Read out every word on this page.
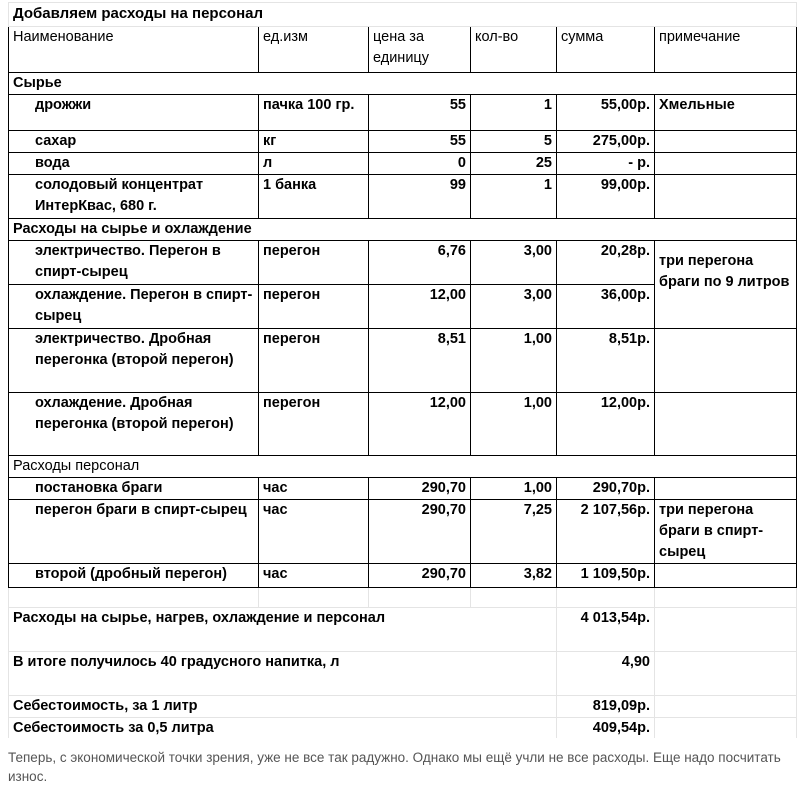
Добавляем расходы на персонал					
Наименование	ед.изм	цена за единицу	кол-во	сумма	примечание
Сырье					
дрожжи	пачка 100 гр.	55	1	55,00р.	Хмельные
сахар	кг	55	5	275,00р.	
вода	л	0	25	- р.	
солодовый концентрат ИнтерКвас, 680 г.	1 банка	99	1	99,00р.	
Расходы на сырье и охлаждение					
электричество. Перегон в спирт-сырец	перегон	6,76	3,00	20,28р.	три перегона браги по 9 литров
охлаждение. Перегон в спирт-сырец	перегон	12,00	3,00	36,00р.	
электричество. Дробная перегонка (второй перегон)	перегон	8,51	1,00	8,51р.	
охлаждение. Дробная перегонка (второй перегон)	перегон	12,00	1,00	12,00р.	
Расходы персонал					
постановка браги	час	290,70	1,00	290,70р.	
перегон браги в спирт-сырец	час	290,70	7,25	2 107,56р.	три перегона браги в спирт-сырец
второй (дробный перегон)	час	290,70	3,82	1 109,50р.	

Расходы на сырье, нагрев, охлаждение и персонал				4 013,54р.	
В итоге получилось 40 градусного напитка, л				4,90	
Себестоимость, за 1 литр				819,09р.	
Себестоимость за 0,5 литра				409,54р.	
Теперь, с экономической точки зрения, уже не все так радужно. Однако мы ещё учли не все расходы. Еще надо посчитать износ.
